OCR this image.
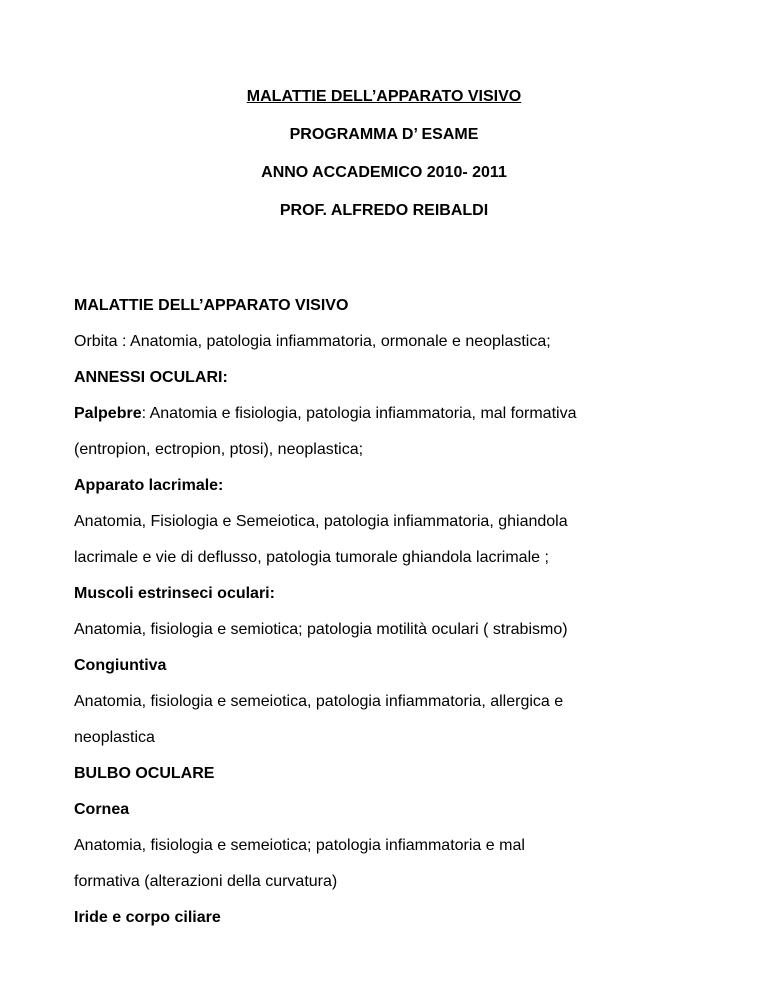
MALATTIE DELL’APPARATO VISIVO
PROGRAMMA D’ ESAME
ANNO ACCADEMICO 2010- 2011
PROF. ALFREDO REIBALDI
MALATTIE DELL’APPARATO VISIVO
Orbita : Anatomia, patologia infiammatoria, ormonale e neoplastica;
ANNESSI OCULARI:
Palpebre: Anatomia e fisiologia, patologia infiammatoria, mal formativa
(entropion, ectropion, ptosi), neoplastica;
Apparato lacrimale:
Anatomia, Fisiologia e Semeiotica, patologia infiammatoria, ghiandola
lacrimale e vie di deflusso, patologia tumorale ghiandola lacrimale ;
Muscoli estrinseci oculari:
Anatomia, fisiologia e semiotica; patologia motilità oculari ( strabismo)
Congiuntiva
Anatomia, fisiologia e semeiotica, patologia infiammatoria, allergica e
neoplastica
BULBO OCULARE
Cornea
Anatomia, fisiologia e semeiotica; patologia infiammatoria e mal
formativa (alterazioni della curvatura)
Iride e corpo ciliare
